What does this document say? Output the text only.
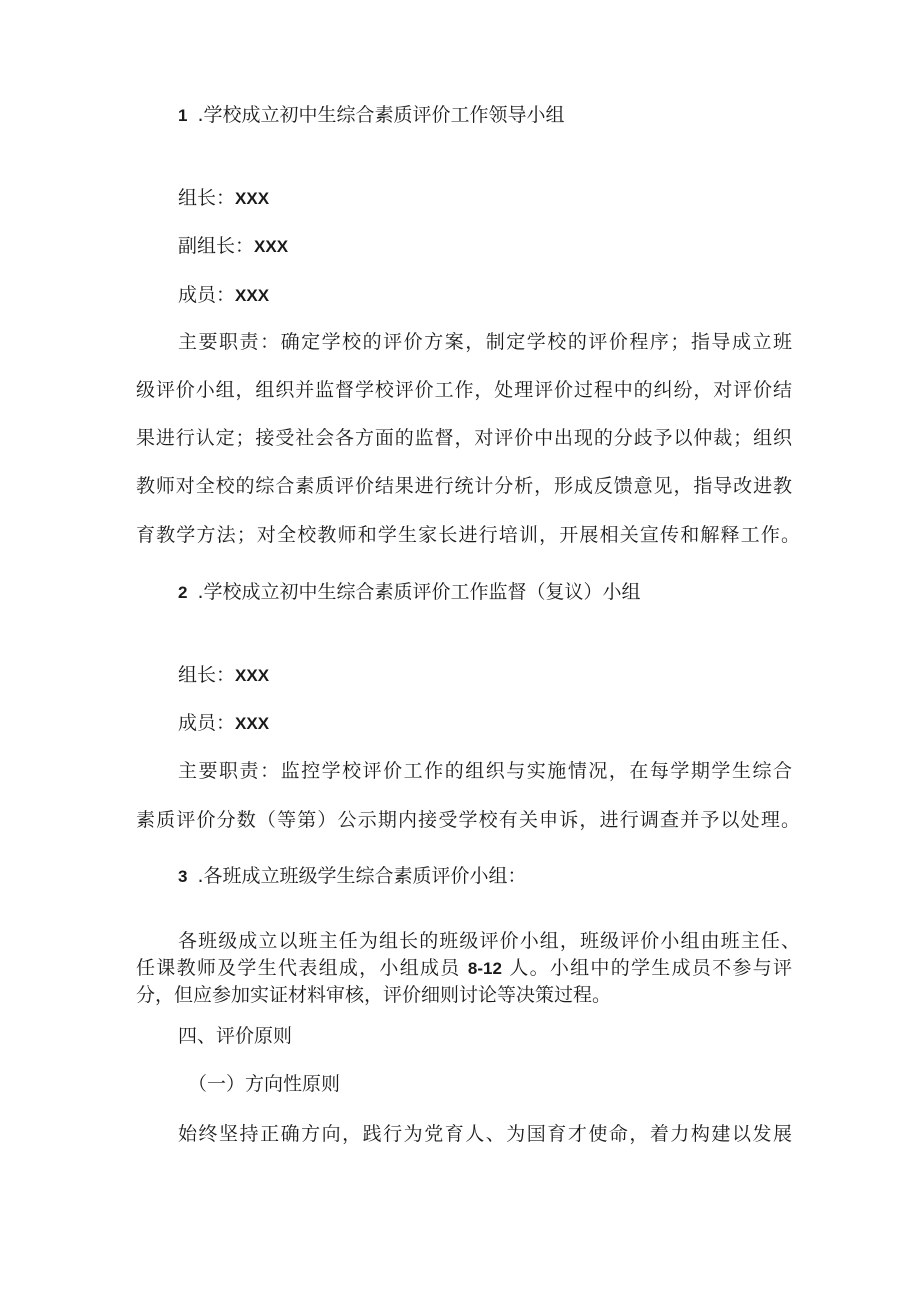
1 .学校成立初中生综合素质评价工作领导小组

组长：XXX

副组长：XXX

成员：XXX

主要职责：确定学校的评价方案，制定学校的评价程序；指导成立班

级评价小组，组织并监督学校评价工作，处理评价过程中的纠纷，对评价结

果进行认定；接受社会各方面的监督，对评价中出现的分歧予以仲裁；组织

教师对全校的综合素质评价结果进行统计分析，形成反馈意见，指导改进教

育教学方法；对全校教师和学生家长进行培训，开展相关宣传和解释工作。

2 .学校成立初中生综合素质评价工作监督（复议）小组

组长：XXX

成员：XXX

主要职责：监控学校评价工作的组织与实施情况，在每学期学生综合

素质评价分数（等第）公示期内接受学校有关申诉，进行调查并予以处理。

3 .各班成立班级学生综合素质评价小组：

各班级成立以班主任为组长的班级评价小组，班级评价小组由班主任、

任课教师及学生代表组成，小组成员 8-12 人。小组中的学生成员不参与评

分，但应参加实证材料审核，评价细则讨论等决策过程。

四、评价原则

（一）方向性原则

始终坚持正确方向，践行为党育人、为国育才使命，着力构建以发展
